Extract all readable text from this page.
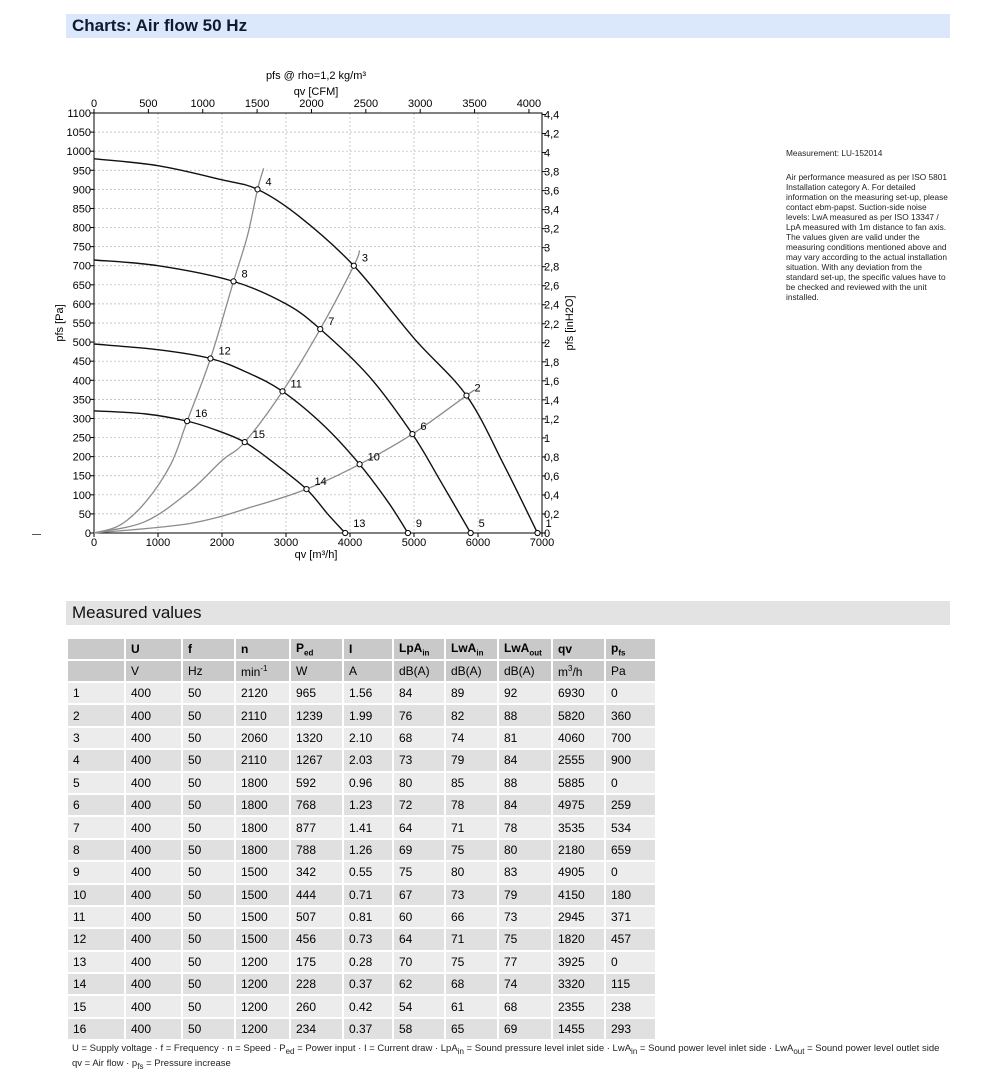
Charts: Air flow 50 Hz
0	1000	2000	3000	4000	5000	6000	7000
0	500	1000	1500	2000	2500	3000	3500	4000
0
50
100
150
200
250
300
350
400
450
500
550
600
650
700
750
800
850
900
950
1000
1050
1100
0
0,2
0,4
0,6
0,8
1
1,2
1,4
1,6
1,8
2
2,2
2,4
2,6
2,8
3
3,2
3,4
3,6
3,8
4
4,2
4,4
pfs @ rho=1,2 kg/m³
qv [CFM]
qv [m³/h]
pfs [Pa]	pfs [inH2O]
1
2
3
4
5
6
7
8
9
10
11
12
13
14
15
16
Measurement: LU-152014
Air performance measured as per ISO 5801 Installation category A. For detailed information on the measuring set-up, please contact ebm-papst. Suction-side noise levels: LwA measured as per ISO 13347 / LpA measured with 1m distance to fan axis. The values given are valid under the measuring conditions mentioned above and may vary according to the actual installation situation. With any deviation from the standard set-up, the specific values have to be checked and reviewed with the unit installed.
Measured values
	U	f	n	$P_{ed}$	I	LpA$_{in}$	LwA$_{in}$	LwA$_{out}$	qv	$p_{fs}$
	V	Hz	$\min^{-1}$	W	A	dB(A)	dB(A)	dB(A)	$m^3/h$	Pa
1	400	50	2120	965	1.56	84	89	92	6930	0
2	400	50	2110	1239	1.99	76	82	88	5820	360
3	400	50	2060	1320	2.10	68	74	81	4060	700
4	400	50	2110	1267	2.03	73	79	84	2555	900
5	400	50	1800	592	0.96	80	85	88	5885	0
6	400	50	1800	768	1.23	72	78	84	4975	259
7	400	50	1800	877	1.41	64	71	78	3535	534
8	400	50	1800	788	1.26	69	75	80	2180	659
9	400	50	1500	342	0.55	75	80	83	4905	0
10	400	50	1500	444	0.71	67	73	79	4150	180
11	400	50	1500	507	0.81	60	66	73	2945	371
12	400	50	1500	456	0.73	64	71	75	1820	457
13	400	50	1200	175	0.28	70	75	77	3925	0
14	400	50	1200	228	0.37	62	68	74	3320	115
15	400	50	1200	260	0.42	54	61	68	2355	238
16	400	50	1200	234	0.37	58	65	69	1455	293
U = Supply voltage · f = Frequency · n = Speed · $P_{ed}$ = Power input · I = Current draw · LpA$_{in}$ = Sound pressure level inlet side · LwA$_{in}$ = Sound power level inlet side · LwA$_{out}$ = Sound power level outlet side
qv = Air flow · $p_{fs}$ = Pressure increase
